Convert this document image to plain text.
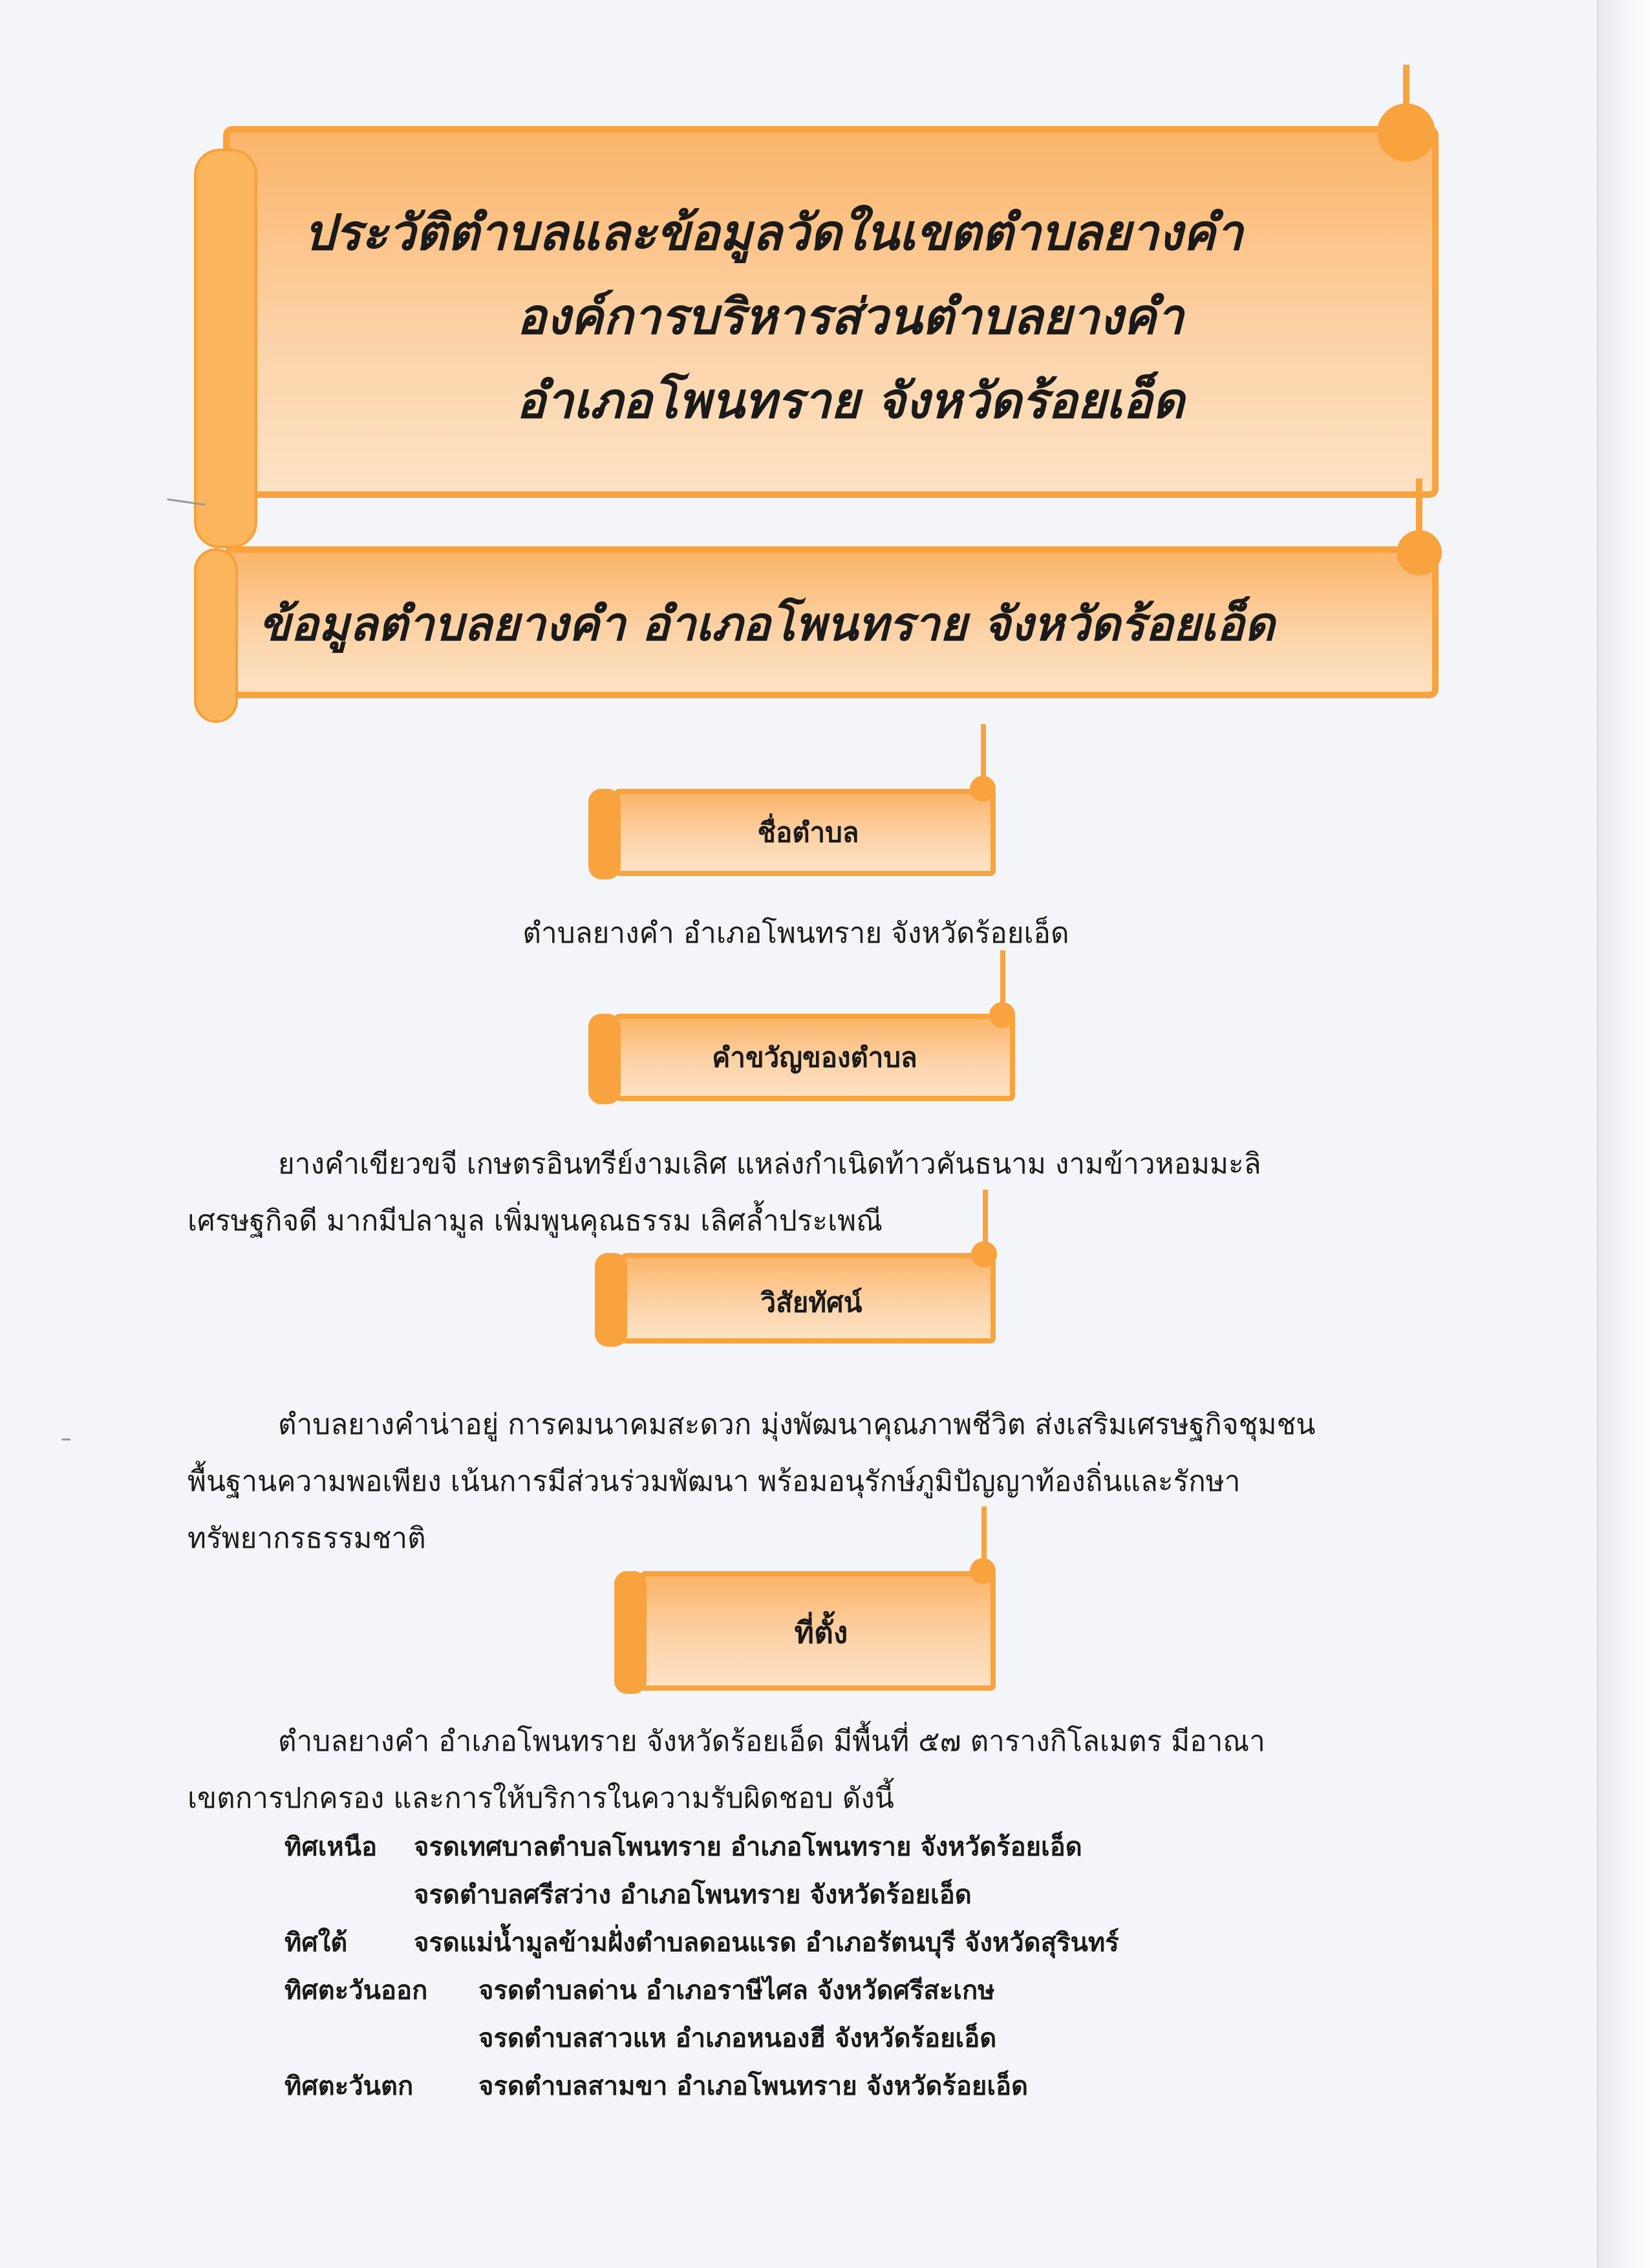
ประวัติตำบลและข้อมูลวัดในเขตตำบลยางคำ
องค์การบริหารส่วนตำบลยางคำ
อำเภอโพนทราย จังหวัดร้อยเอ็ด
ข้อมูลตำบลยางคำ อำเภอโพนทราย จังหวัดร้อยเอ็ด
ชื่อตำบล
ตำบลยางคำ อำเภอโพนทราย จังหวัดร้อยเอ็ด
คำขวัญของตำบล
ยางคำเขียวขจี เกษตรอินทรีย์งามเลิศ แหล่งกำเนิดท้าวคันธนาม งามข้าวหอมมะลิ
เศรษฐกิจดี มากมีปลามูล เพิ่มพูนคุณธรรม เลิศล้ำประเพณี
วิสัยทัศน์
ตำบลยางคำน่าอยู่ การคมนาคมสะดวก มุ่งพัฒนาคุณภาพชีวิต ส่งเสริมเศรษฐกิจชุมชน
พื้นฐานความพอเพียง เน้นการมีส่วนร่วมพัฒนา พร้อมอนุรักษ์ภูมิปัญญาท้องถิ่นและรักษา
ทรัพยากรธรรมชาติ
ที่ตั้ง
ตำบลยางคำ อำเภอโพนทราย จังหวัดร้อยเอ็ด มีพื้นที่ ๕๗ ตารางกิโลเมตร มีอาณา
เขตการปกครอง และการให้บริการในความรับผิดชอบ ดังนี้
ทิศเหนือ จรดเทศบาลตำบลโพนทราย อำเภอโพนทราย จังหวัดร้อยเอ็ด
จรดตำบลศรีสว่าง อำเภอโพนทราย จังหวัดร้อยเอ็ด
ทิศใต้	จรดแม่น้ำมูลข้ามฝั่งตำบลดอนแรด อำเภอรัตนบุรี จังหวัดสุรินทร์
ทิศตะวันออก จรดตำบลด่าน อำเภอราษีไศล จังหวัดศรีสะเกษ
จรดตำบลสาวแห อำเภอหนองฮี จังหวัดร้อยเอ็ด
ทิศตะวันตก	จรดตำบลสามขา อำเภอโพนทราย จังหวัดร้อยเอ็ด
